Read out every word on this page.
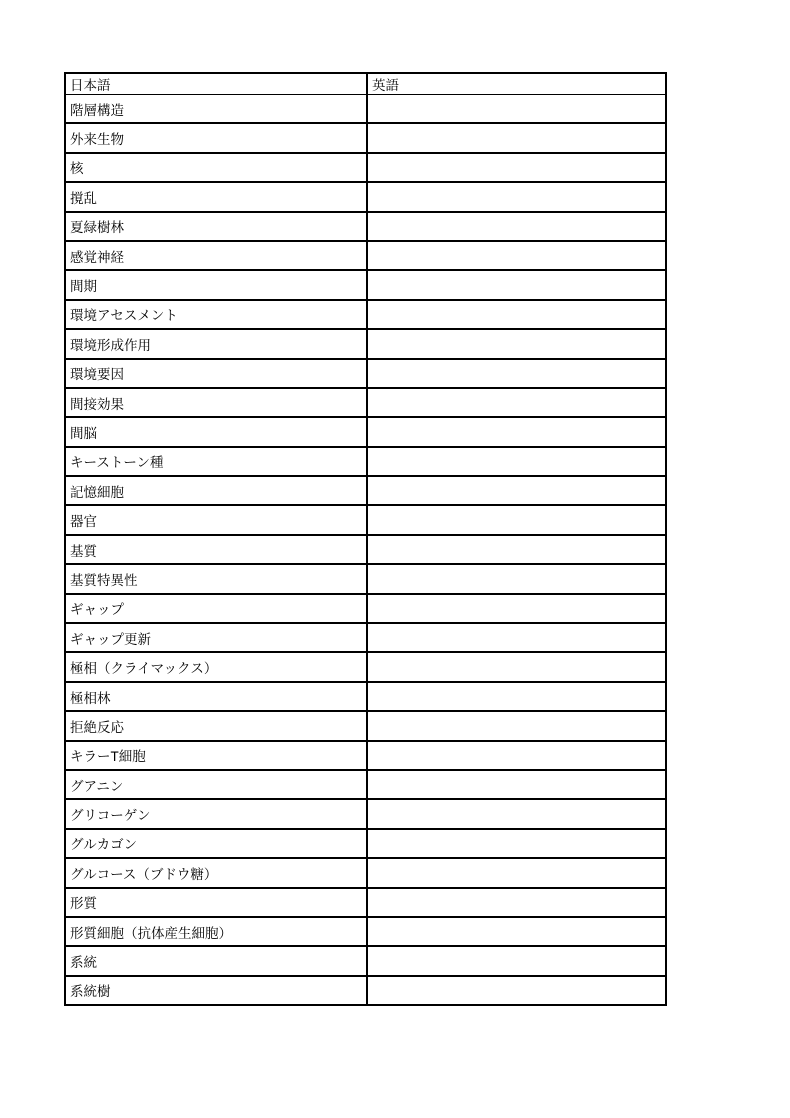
日本語	英語
階層構造	
外来生物	
核	
撹乱	
夏緑樹林	
感覚神経	
間期	
環境アセスメント	
環境形成作用	
環境要因	
間接効果	
間脳	
キーストーン種	
記憶細胞	
器官	
基質	
基質特異性	
ギャップ	
ギャップ更新	
極相（クライマックス）	
極相林	
拒絶反応	
キラーT細胞	
グアニン	
グリコーゲン	
グルカゴン	
グルコース（ブドウ糖）	
形質	
形質細胞（抗体産生細胞）	
系統	
系統樹	
